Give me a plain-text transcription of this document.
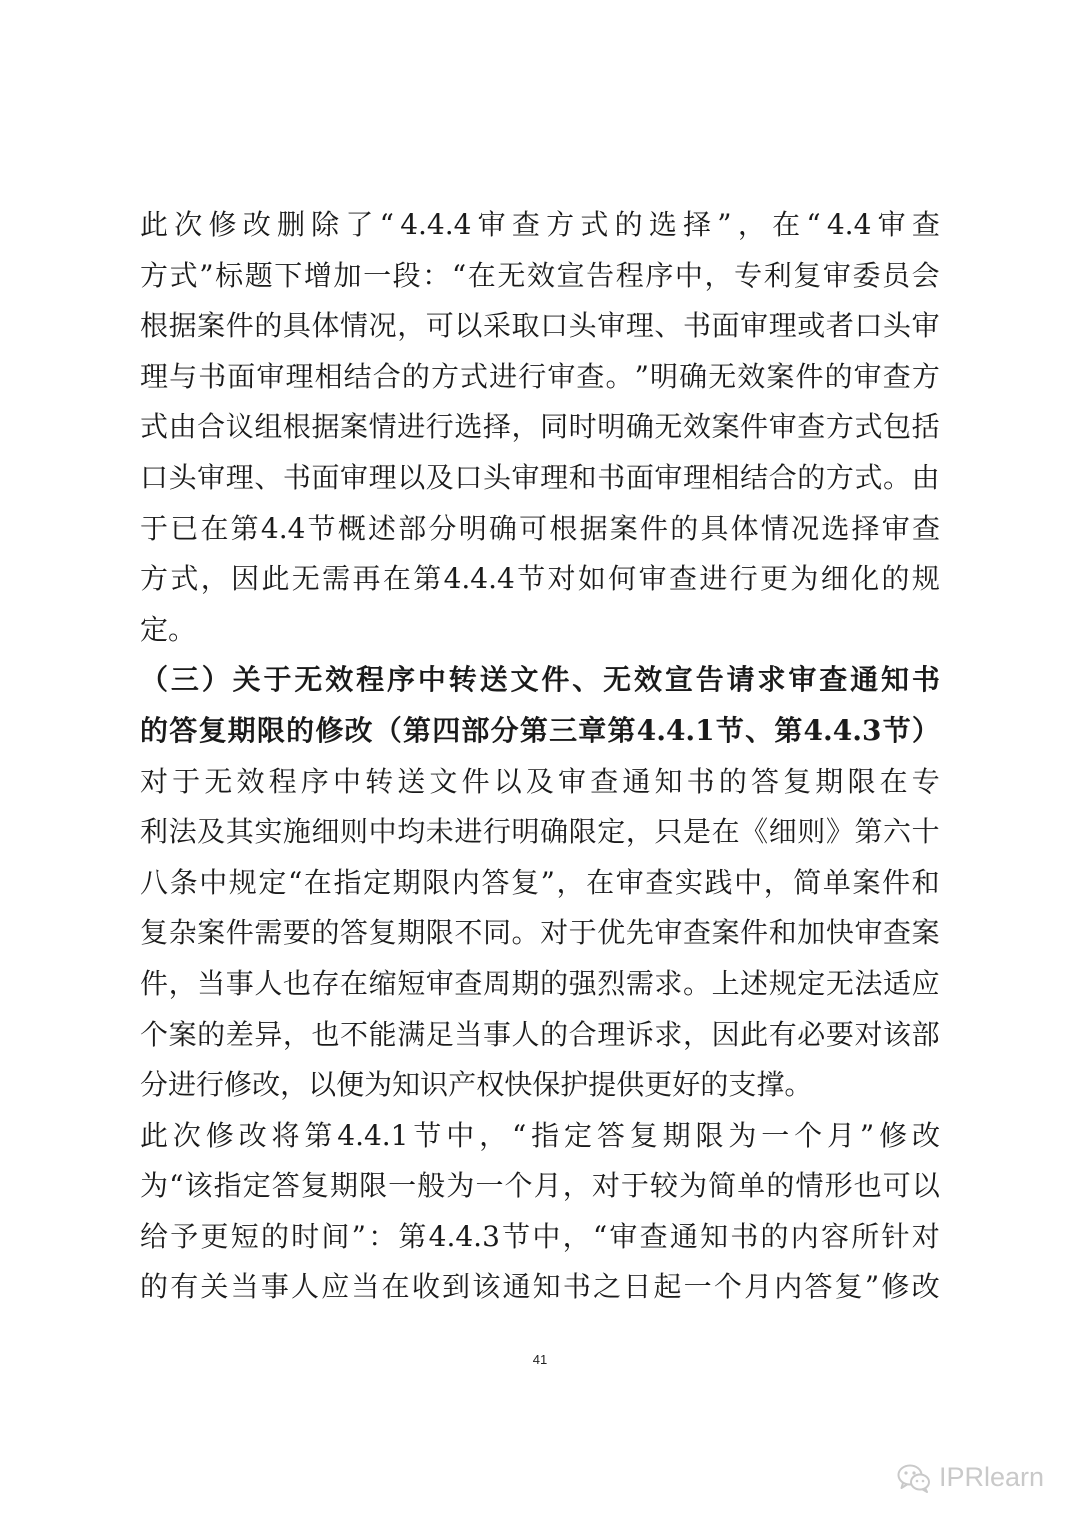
此 次 修 改 删 除 了 “ 4.4.4 审 查 方 式 的 选 择 ” ， 在 “ 4.4 审 查
方 式 ” 标 题 下 增 加 一 段 ： “ 在 无 效 宣 告 程 序 中 ， 专 利 复 审 委 员 会
根 据 案 件 的 具 体 情 况 ， 可 以 采 取 口 头 审 理 、 书 面 审 理 或 者 口 头 审
理 与 书 面 审 理 相 结 合 的 方 式 进 行 审 查 。 ” 明 确 无 效 案 件 的 审 查 方
式 由 合 议 组 根 据 案 情 进 行 选 择 ， 同 时 明 确 无 效 案 件 审 查 方 式 包 括
口 头 审 理 、 书 面 审 理 以 及 口 头 审 理 和 书 面 审 理 相 结 合 的 方 式 。 由
于 已 在 第 4.4 节 概 述 部 分 明 确 可 根 据 案 件 的 具 体 情 况 选 择 审 查
方 式 ， 因 此 无 需 再 在 第 4.4.4 节 对 如 何 审 查 进 行 更 为 细 化 的 规
定 。
（ 三 ） 关 于 无 效 程 序 中 转 送 文 件 、 无 效 宣 告 请 求 审 查 通 知 书
的 答 复 期 限 的 修 改 （ 第 四 部 分 第 三 章 第 4.4.1 节 、 第 4.4.3 节 ）
对 于 无 效 程 序 中 转 送 文 件 以 及 审 查 通 知 书 的 答 复 期 限 在 专
利 法 及 其 实 施 细 则 中 均 未 进 行 明 确 限 定 ， 只 是 在 《 细 则 》 第 六 十
八 条 中 规 定 “ 在 指 定 期 限 内 答 复 ” ， 在 审 查 实 践 中 ， 简 单 案 件 和
复 杂 案 件 需 要 的 答 复 期 限 不 同 。 对 于 优 先 审 查 案 件 和 加 快 审 查 案
件 ， 当 事 人 也 存 在 缩 短 审 查 周 期 的 强 烈 需 求 。 上 述 规 定 无 法 适 应
个 案 的 差 异 ， 也 不 能 满 足 当 事 人 的 合 理 诉 求 ， 因 此 有 必 要 对 该 部
分 进 行 修 改 ， 以 便 为 知 识 产 权 快 保 护 提 供 更 好 的 支 撑 。
此 次 修 改 将 第 4.4.1 节 中 ， “ 指 定 答 复 期 限 为 一 个 月 ” 修 改
为 “ 该 指 定 答 复 期 限 一 般 为 一 个 月 ， 对 于 较 为 简 单 的 情 形 也 可 以
给 予 更 短 的 时 间 ” ： 第 4.4.3 节 中 ， “ 审 查 通 知 书 的 内 容 所 针 对
的 有 关 当 事 人 应 当 在 收 到 该 通 知 书 之 日 起 一 个 月 内 答 复 ” 修 改
41
IPRlearn
